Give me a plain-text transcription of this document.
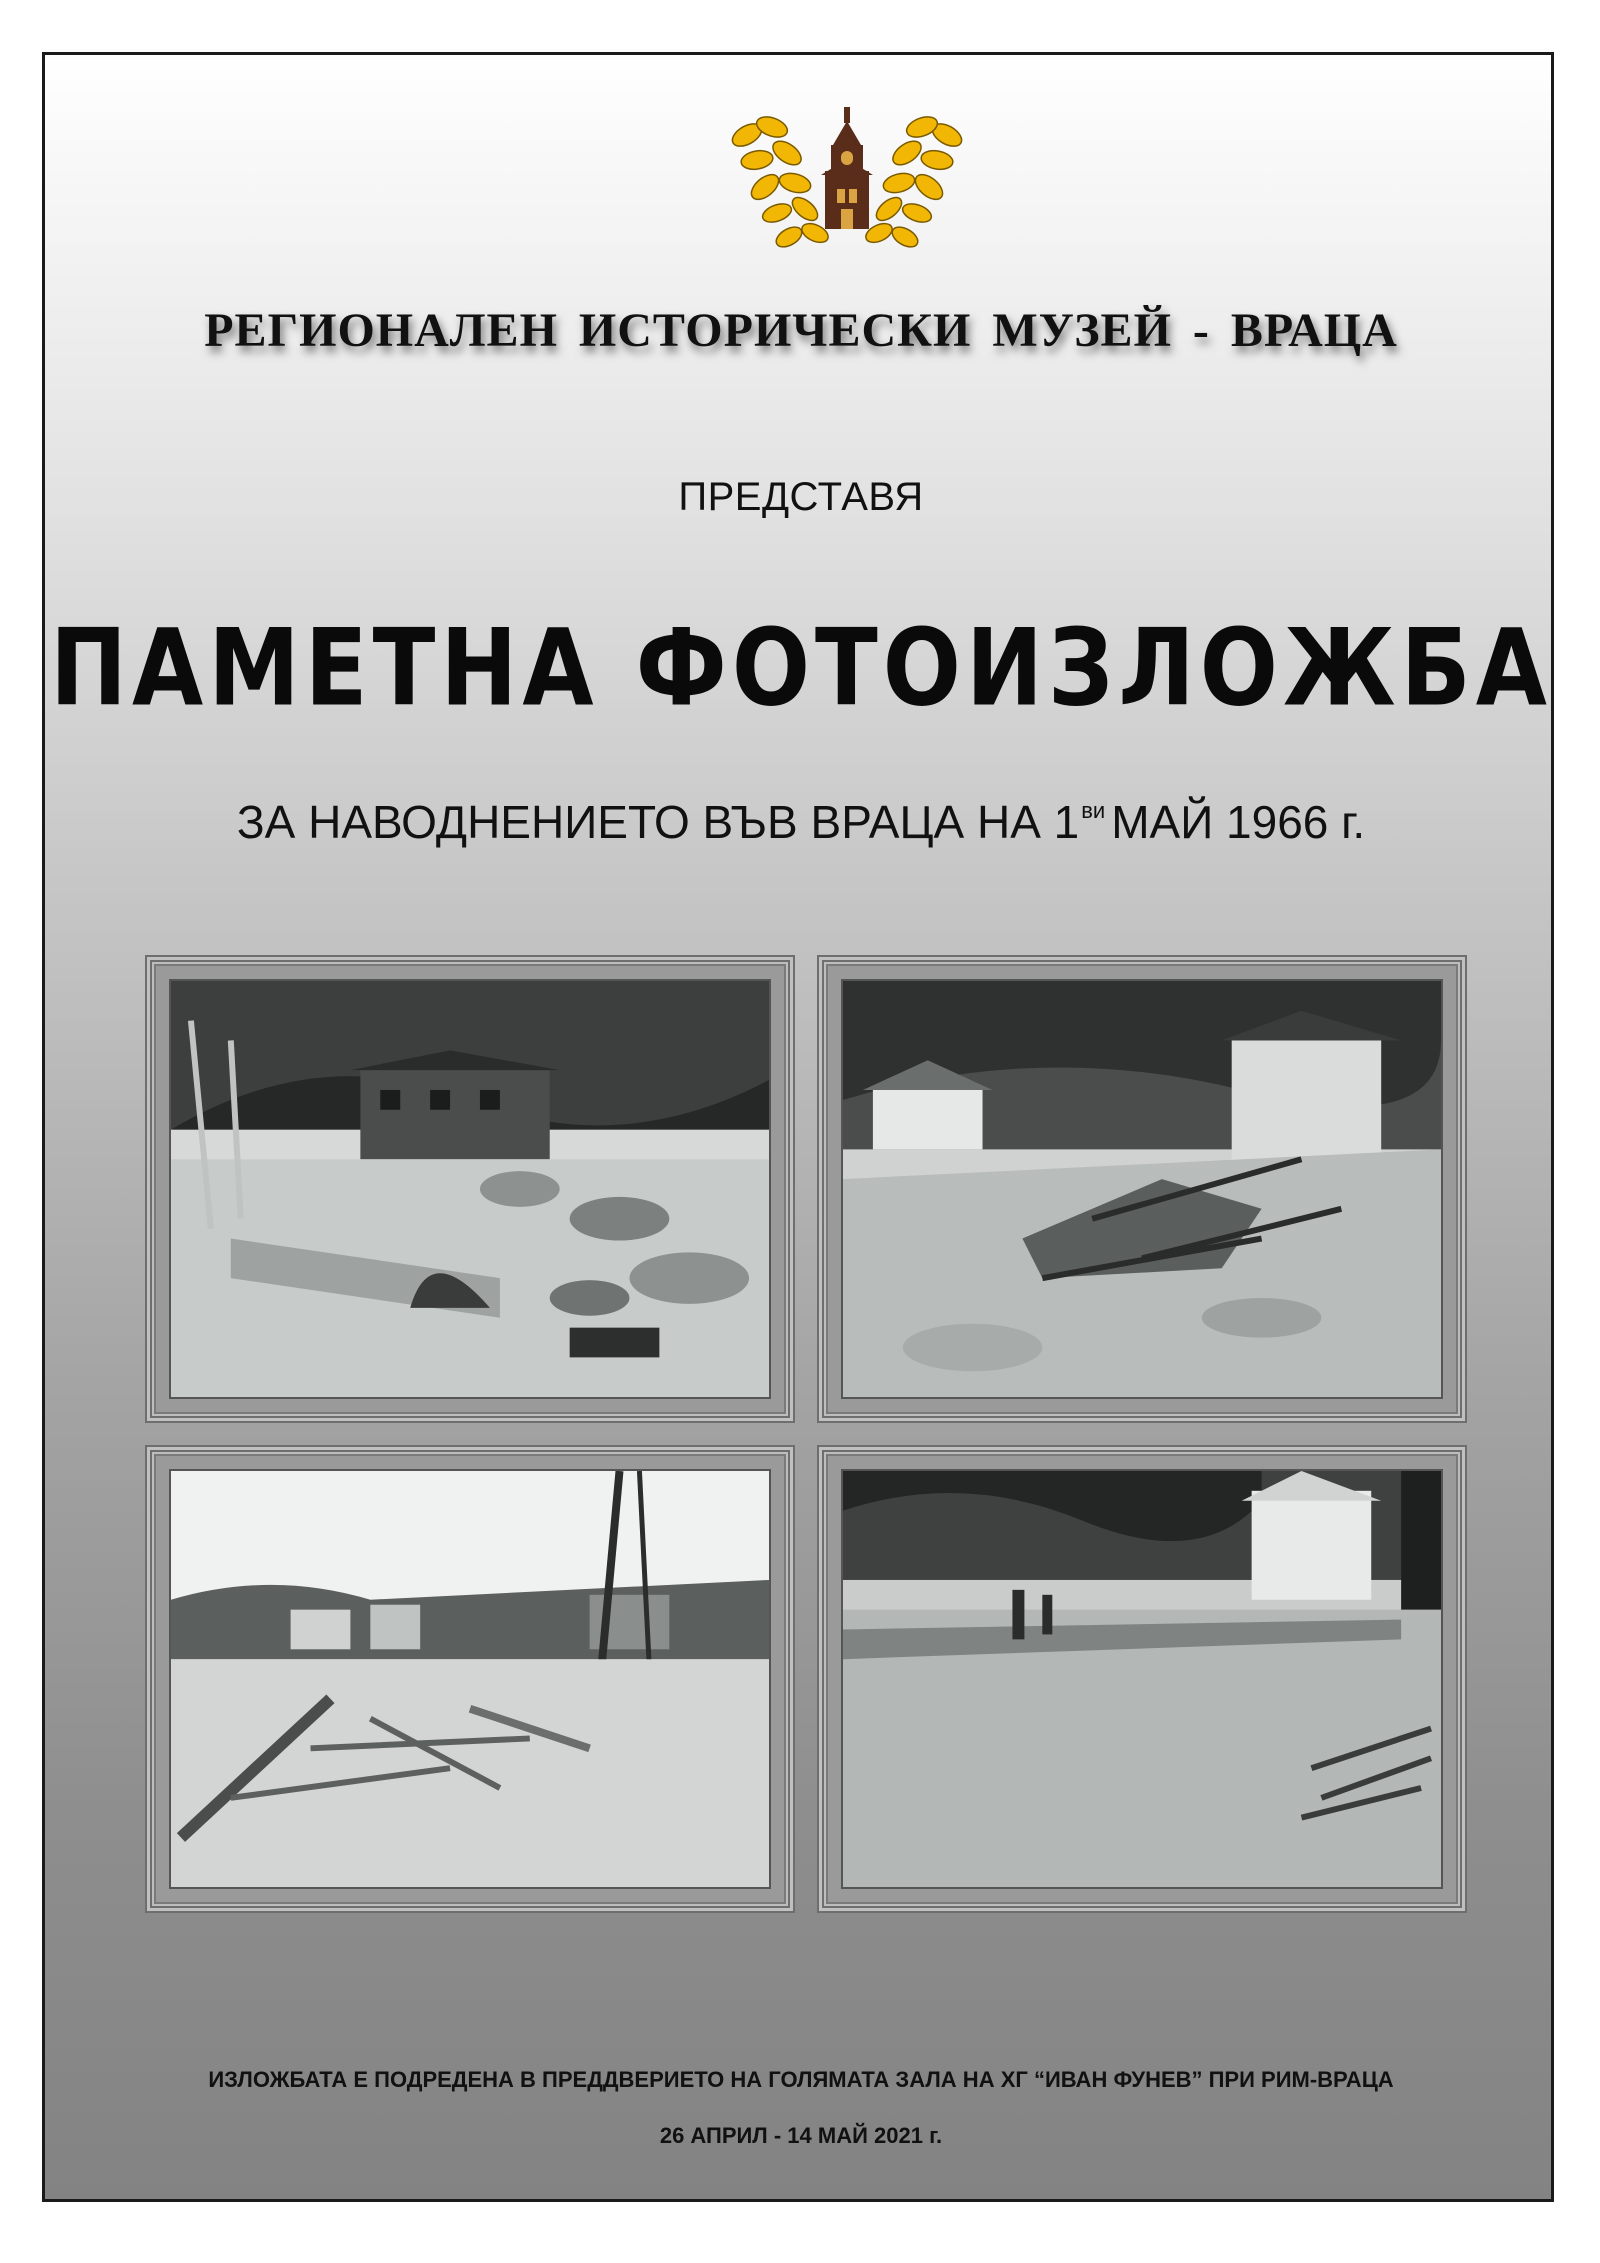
РЕГИОНАЛЕН ИСТОРИЧЕСКИ МУЗЕЙ - ВРАЦА

ПРЕДСТАВЯ

ПАМЕТНА ФОТОИЗЛОЖБА

ЗА НАВОДНЕНИЕТО ВЪВ ВРАЦА НА $1^{ви}$ МАЙ 1966 г.

ИЗЛОЖБАТА Е ПОДРЕДЕНА В ПРЕДДВЕРИЕТО НА ГОЛЯМАТА ЗАЛА НА ХГ “ИВАН ФУНЕВ” ПРИ РИМ-ВРАЦА

26 АПРИЛ - 14 МАЙ 2021 г.
